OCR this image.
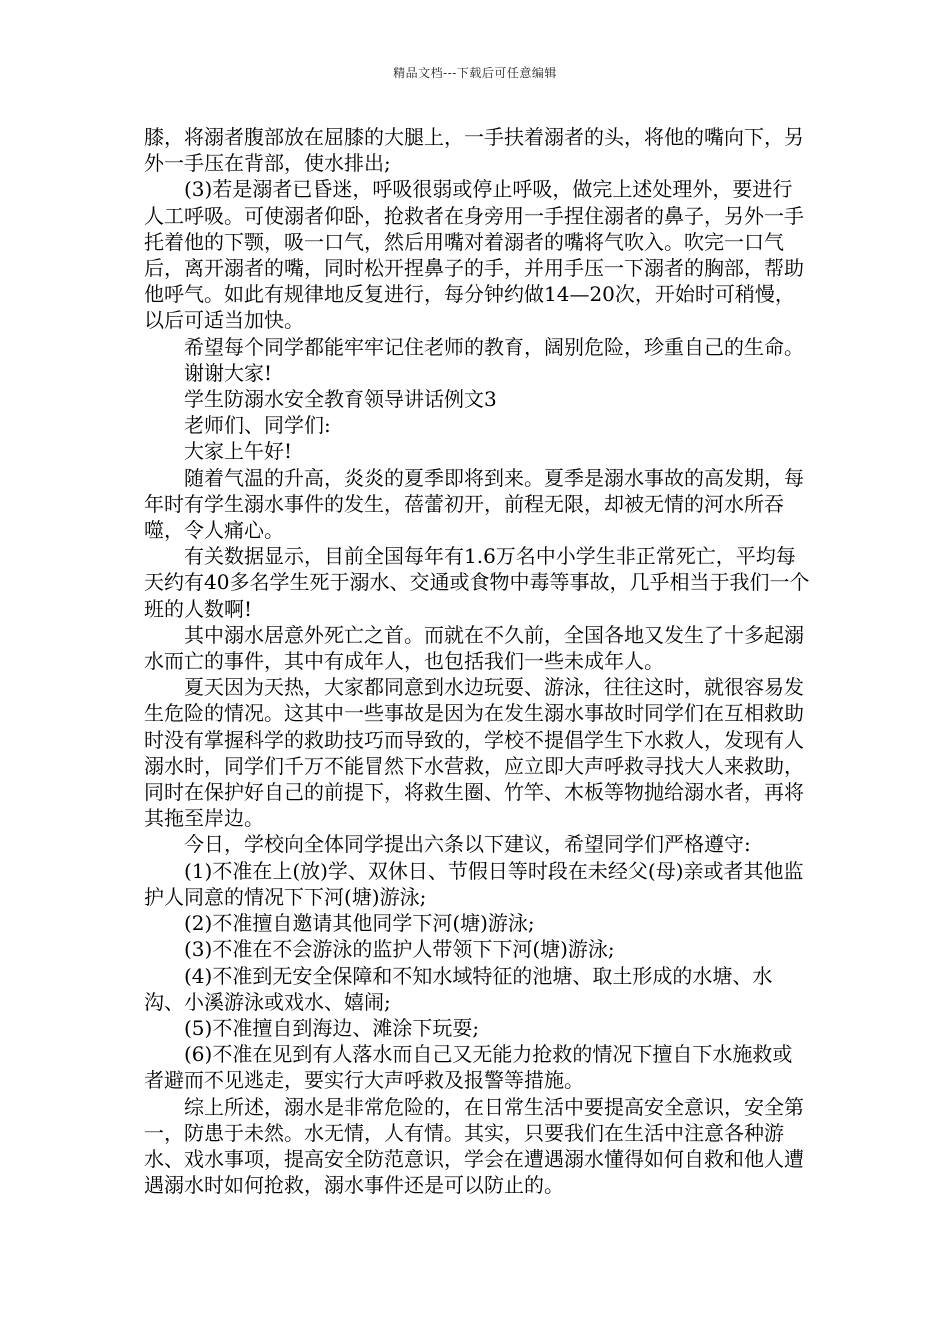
精品文档---下载后可任意编辑

膝，将溺者腹部放在屈膝的大腿上，一手扶着溺者的头，将他的嘴向下，另外一手压在背部，使水排出;

(3)若是溺者已昏迷，呼吸很弱或停止呼吸，做完上述处理外，要进行人工呼吸。可使溺者仰卧，抢救者在身旁用一手捏住溺者的鼻子，另外一手托着他的下颚，吸一口气，然后用嘴对着溺者的嘴将气吹入。吹完一口气后，离开溺者的嘴，同时松开捏鼻子的手，并用手压一下溺者的胸部，帮助他呼气。如此有规律地反复进行，每分钟约做14—20次，开始时可稍慢，以后可适当加快。

希望每个同学都能牢牢记住老师的教育，阔别危险，珍重自己的生命。

谢谢大家!

学生防溺水安全教育领导讲话例文3

老师们、同学们:

大家上午好!

随着气温的升高，炎炎的夏季即将到来。夏季是溺水事故的高发期，每年时有学生溺水事件的发生，蓓蕾初开，前程无限，却被无情的河水所吞噬，令人痛心。

有关数据显示，目前全国每年有1.6万名中小学生非正常死亡，平均每天约有40多名学生死于溺水、交通或食物中毒等事故，几乎相当于我们一个班的人数啊!

其中溺水居意外死亡之首。而就在不久前，全国各地又发生了十多起溺水而亡的事件，其中有成年人，也包括我们一些未成年人。

夏天因为天热，大家都同意到水边玩耍、游泳，往往这时，就很容易发生危险的情况。这其中一些事故是因为在发生溺水事故时同学们在互相救助时没有掌握科学的救助技巧而导致的，学校不提倡学生下水救人，发现有人溺水时，同学们千万不能冒然下水营救，应立即大声呼救寻找大人来救助，同时在保护好自己的前提下，将救生圈、竹竿、木板等物抛给溺水者，再将其拖至岸边。

今日，学校向全体同学提出六条以下建议，希望同学们严格遵守:

(1)不准在上(放)学、双休日、节假日等时段在未经父(母)亲或者其他监护人同意的情况下下河(塘)游泳;

(2)不准擅自邀请其他同学下河(塘)游泳;

(3)不准在不会游泳的监护人带领下下河(塘)游泳;

(4)不准到无安全保障和不知水域特征的池塘、取土形成的水塘、水沟、小溪游泳或戏水、嬉闹;

(5)不准擅自到海边、滩涂下玩耍;

(6)不准在见到有人落水而自己又无能力抢救的情况下擅自下水施救或者避而不见逃走，要实行大声呼救及报警等措施。

综上所述，溺水是非常危险的，在日常生活中要提高安全意识，安全第一，防患于未然。水无情，人有情。其实，只要我们在生活中注意各种游水、戏水事项，提高安全防范意识，学会在遭遇溺水懂得如何自救和他人遭遇溺水时如何抢救，溺水事件还是可以防止的。
